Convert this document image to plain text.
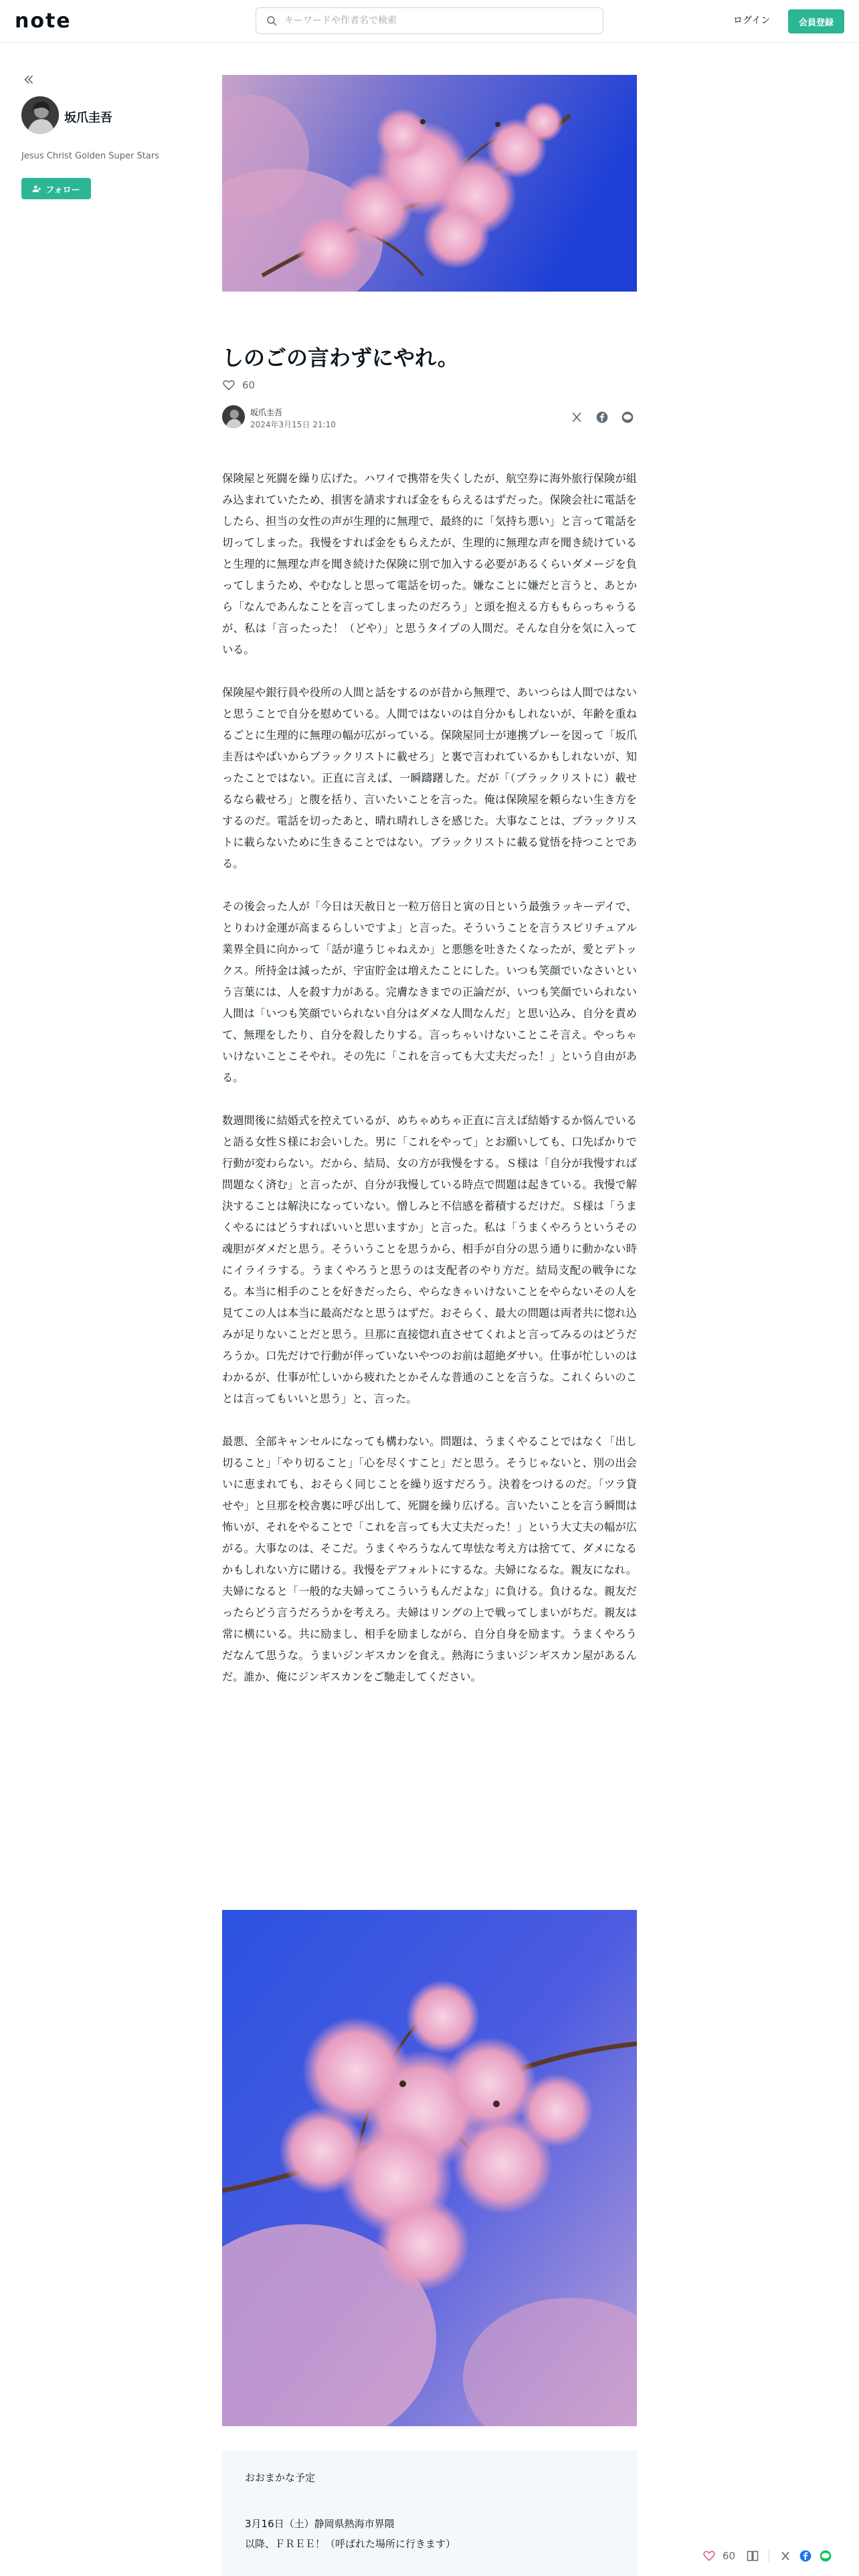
note
キーワードや作者名で検索	ログイン	会員登録
坂爪圭吾
Jesus Christ Golden Super Stars
フォロー
しのごの言わずにやれ。
60
坂爪圭吾
2024年3月15日 21:10

保険屋と死闘を繰り広げた。ハワイで携帯を失くしたが、航空券に海外旅行保険が組み込まれていたため、損害を請求すれば金をもらえるはずだった。保険会社に電話をしたら、担当の女性の声が生理的に無理で、最終的に「気持ち悪い」と言って電話を切ってしまった。我慢をすれば金をもらえたが、生理的に無理な声を聞き続けていると生理的に無理な声を聞き続けた保険に別で加入する必要があるくらいダメージを負ってしまうため、やむなしと思って電話を切った。嫌なことに嫌だと言うと、あとから「なんであんなことを言ってしまったのだろう」と頭を抱える方ももらっちゃうるが、私は「言ったった！（どや）」と思うタイプの人間だ。そんな自分を気に入っている。

保険屋や銀行員や役所の人間と話をするのが昔から無理で、あいつらは人間ではないと思うことで自分を慰めている。人間ではないのは自分かもしれないが、年齢を重ねるごとに生理的に無理の幅が広がっている。保険屋同士が連携プレーを図って「坂爪圭吾はやばいからブラックリストに載せろ」と裏で言われているかもしれないが、知ったことではない。正直に言えば、一瞬躊躇した。だが「（ブラックリストに）載せるなら載せろ」と腹を括り、言いたいことを言った。俺は保険屋を頼らない生き方をするのだ。電話を切ったあと、晴れ晴れしさを感じた。大事なことは、ブラックリストに載らないために生きることではない。ブラックリストに載る覚悟を持つことである。

その後会った人が「今日は天赦日と一粒万倍日と寅の日という最強ラッキーデイで、とりわけ金運が高まるらしいですよ」と言った。そういうことを言うスピリチュアル業界全員に向かって「話が違うじゃねえか」と悪態を吐きたくなったが、愛とデトックス。所持金は減ったが、宇宙貯金は増えたことにした。いつも笑顔でいなさいという言葉には、人を殺す力がある。完膚なきまでの正論だが、いつも笑顔でいられない人間は「いつも笑顔でいられない自分はダメな人間なんだ」と思い込み、自分を責めて、無理をしたり、自分を殺したりする。言っちゃいけないことこそ言え。やっちゃいけないことこそやれ。その先に「これを言っても大丈夫だった！」という自由がある。

数週間後に結婚式を控えているが、めちゃめちゃ正直に言えば結婚するか悩んでいると語る女性Ｓ様にお会いした。男に「これをやって」とお願いしても、口先ばかりで行動が変わらない。だから、結局、女の方が我慢をする。Ｓ様は「自分が我慢すれば問題なく済む」と言ったが、自分が我慢している時点で問題は起きている。我慢で解決することは解決になっていない。憎しみと不信感を蓄積するだけだ。Ｓ様は「うまくやるにはどうすればいいと思いますか」と言った。私は「うまくやろうというその魂胆がダメだと思う。そういうことを思うから、相手が自分の思う通りに動かない時にイライラする。うまくやろうと思うのは支配者のやり方だ。結局支配の戦争になる。本当に相手のことを好きだったら、やらなきゃいけないことをやらないその人を見てこの人は本当に最高だなと思うはずだ。おそらく、最大の問題は両者共に惚れ込みが足りないことだと思う。旦那に直接惚れ直させてくれよと言ってみるのはどうだろうか。口先だけで行動が伴っていないやつのお前は超絶ダサい。仕事が忙しいのはわかるが、仕事が忙しいから疲れたとかそんな普通のことを言うな。これくらいのことは言ってもいいと思う」と、言った。

最悪、全部キャンセルになっても構わない。問題は、うまくやることではなく「出し切ること」「やり切ること」「心を尽くすこと」だと思う。そうじゃないと、別の出会いに恵まれても、おそらく同じことを繰り返すだろう。決着をつけるのだ。「ツラ貸せや」と旦那を校舎裏に呼び出して、死闘を繰り広げる。言いたいことを言う瞬間は怖いが、それをやることで「これを言っても大丈夫だった！」という大丈夫の幅が広がる。大事なのは、そこだ。うまくやろうなんて卑怯な考え方は捨てて、ダメになるかもしれない方に賭ける。我慢をデフォルトにするな。夫婦になるな。親友になれ。夫婦になると「一般的な夫婦ってこういうもんだよな」に負ける。負けるな。親友だったらどう言うだろうかを考えろ。夫婦はリングの上で戦ってしまいがちだ。親友は常に横にいる。共に励まし、相手を励ましながら、自分自身を励ます。うまくやろうだなんて思うな。うまいジンギスカンを食え。熱海にうまいジンギスカン屋があるんだ。誰か、俺にジンギスカンをご馳走してください。

おおまかな予定
3月16日（土）静岡県熱海市界隈
以降、ＦＲＥＥ！（呼ばれた場所に行きます）
60
